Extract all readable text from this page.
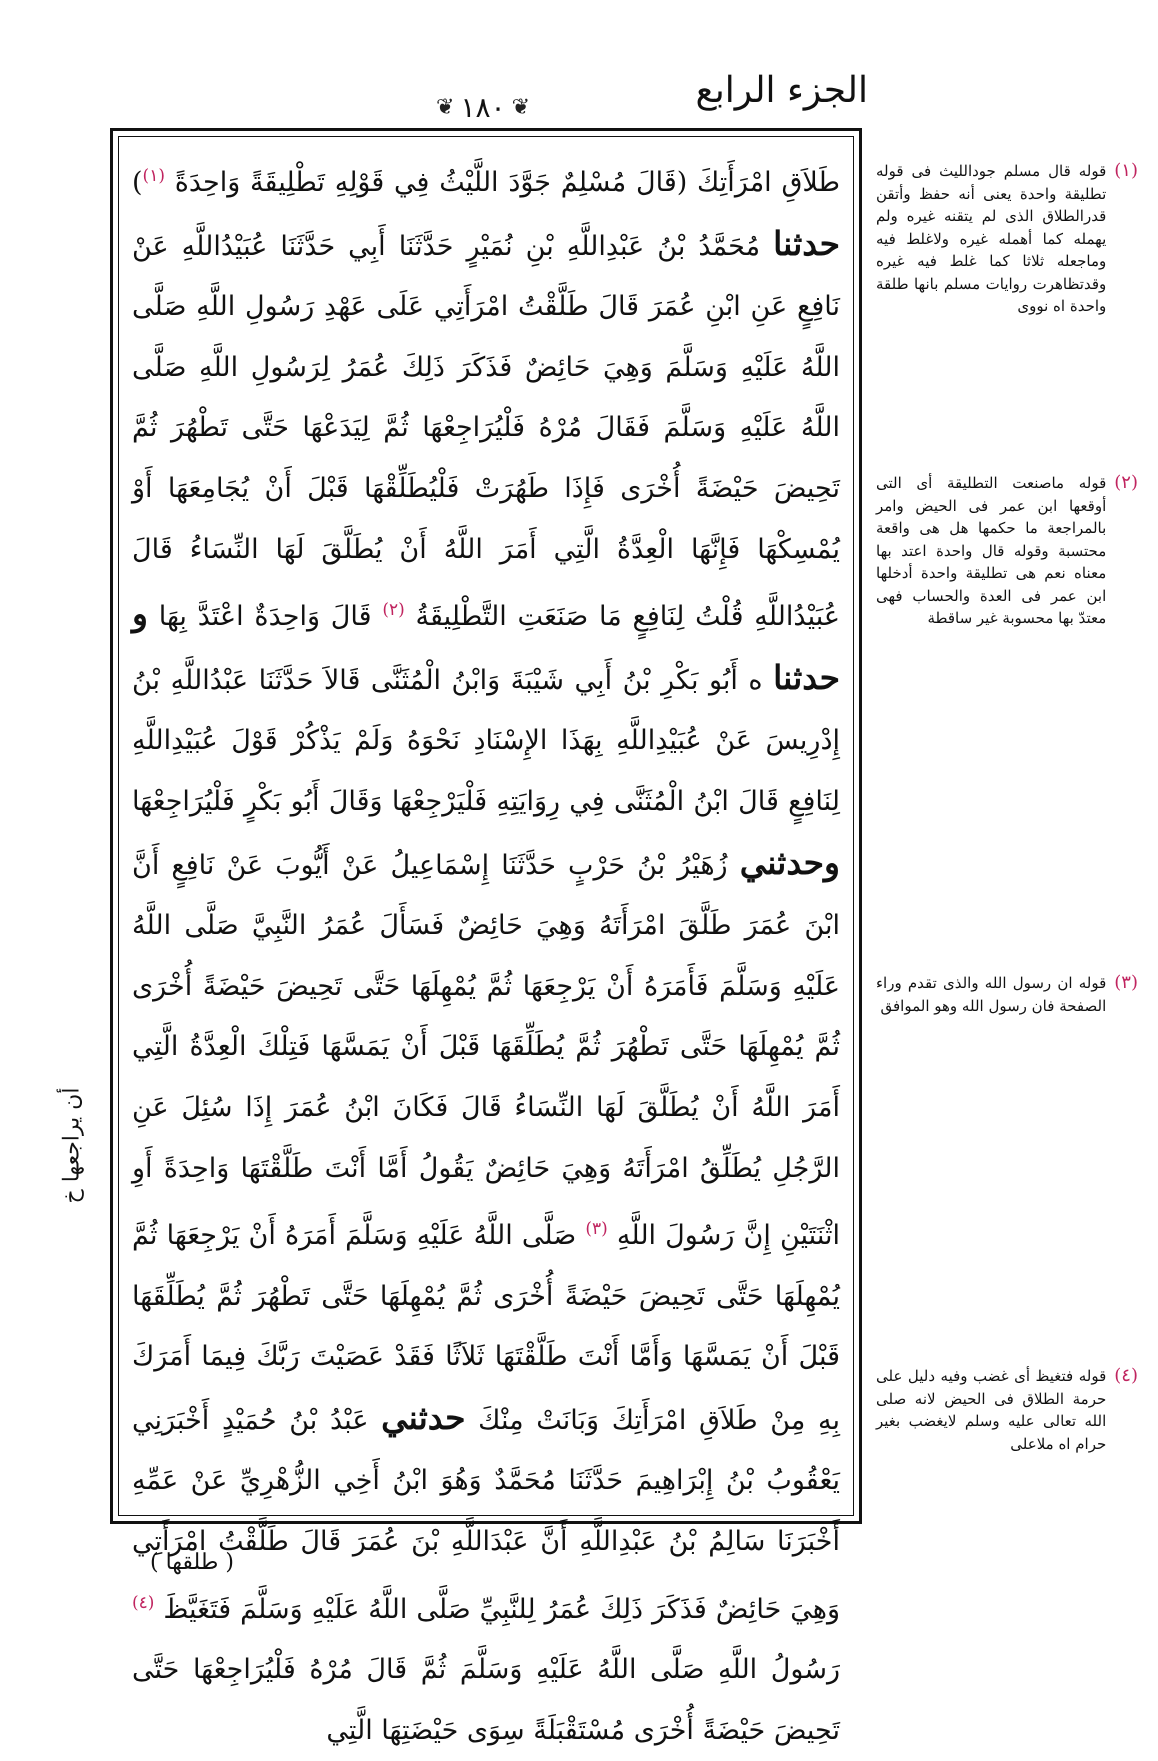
الجزء الرابع
❦ ١٨٠ ❦

طَلاَقِ امْرَأَتِكَ (قَالَ مُسْلِمٌ جَوَّدَ اللَّيْثُ فِي قَوْلِهِ تَطْلِيقَةً وَاحِدَةً $^{(١)}$) حدثنا مُحَمَّدُ بْنُ عَبْدِاللَّهِ بْنِ نُمَيْرٍ حَدَّثَنَا أَبِي حَدَّثَنَا عُبَيْدُاللَّهِ عَنْ نَافِعٍ عَنِ ابْنِ عُمَرَ قَالَ طَلَّقْتُ امْرَأَتِي عَلَى عَهْدِ رَسُولِ اللَّهِ صَلَّى اللَّهُ عَلَيْهِ وَسَلَّمَ وَهِيَ حَائِضٌ فَذَكَرَ ذَلِكَ عُمَرُ لِرَسُولِ اللَّهِ صَلَّى اللَّهُ عَلَيْهِ وَسَلَّمَ فَقَالَ مُرْهُ فَلْيُرَاجِعْهَا ثُمَّ لِيَدَعْهَا حَتَّى تَطْهُرَ ثُمَّ تَحِيضَ حَيْضَةً أُخْرَى فَإِذَا طَهُرَتْ فَلْيُطَلِّقْهَا قَبْلَ أَنْ يُجَامِعَهَا أَوْ يُمْسِكْهَا فَإِنَّهَا الْعِدَّةُ الَّتِي أَمَرَ اللَّهُ أَنْ يُطَلَّقَ لَهَا النِّسَاءُ قَالَ عُبَيْدُاللَّهِ قُلْتُ لِنَافِعٍ مَا صَنَعَتِ التَّطْلِيقَةُ $^{(٢)}$ قَالَ وَاحِدَةٌ اعْتَدَّ بِهَا و حدثنا ه أَبُو بَكْرِ بْنُ أَبِي شَيْبَةَ وَابْنُ الْمُثَنَّى قَالاَ حَدَّثَنَا عَبْدُاللَّهِ بْنُ إِدْرِيسَ عَنْ عُبَيْدِاللَّهِ بِهَذَا الإِسْنَادِ نَحْوَهُ وَلَمْ يَذْكُرْ قَوْلَ عُبَيْدِاللَّهِ لِنَافِعٍ قَالَ ابْنُ الْمُثَنَّى فِي رِوَايَتِهِ فَلْيَرْجِعْهَا وَقَالَ أَبُو بَكْرٍ فَلْيُرَاجِعْهَا وحدثني زُهَيْرُ بْنُ حَرْبٍ حَدَّثَنَا إِسْمَاعِيلُ عَنْ أَيُّوبَ عَنْ نَافِعٍ أَنَّ ابْنَ عُمَرَ طَلَّقَ امْرَأَتَهُ وَهِيَ حَائِضٌ فَسَأَلَ عُمَرُ النَّبِيَّ صَلَّى اللَّهُ عَلَيْهِ وَسَلَّمَ فَأَمَرَهُ أَنْ يَرْجِعَهَا ثُمَّ يُمْهِلَهَا حَتَّى تَحِيضَ حَيْضَةً أُخْرَى ثُمَّ يُمْهِلَهَا حَتَّى تَطْهُرَ ثُمَّ يُطَلِّقَهَا قَبْلَ أَنْ يَمَسَّهَا فَتِلْكَ الْعِدَّةُ الَّتِي أَمَرَ اللَّهُ أَنْ يُطَلَّقَ لَهَا النِّسَاءُ قَالَ فَكَانَ ابْنُ عُمَرَ إِذَا سُئِلَ عَنِ الرَّجُلِ يُطَلِّقُ امْرَأَتَهُ وَهِيَ حَائِضٌ يَقُولُ أَمَّا أَنْتَ طَلَّقْتَهَا وَاحِدَةً أَوِ اثْنَتَيْنِ إِنَّ رَسُولَ اللَّهِ $^{(٣)}$ صَلَّى اللَّهُ عَلَيْهِ وَسَلَّمَ أَمَرَهُ أَنْ يَرْجِعَهَا ثُمَّ يُمْهِلَهَا حَتَّى تَحِيضَ حَيْضَةً أُخْرَى ثُمَّ يُمْهِلَهَا حَتَّى تَطْهُرَ ثُمَّ يُطَلِّقَهَا قَبْلَ أَنْ يَمَسَّهَا وَأَمَّا أَنْتَ طَلَّقْتَهَا ثَلاَثًا فَقَدْ عَصَيْتَ رَبَّكَ فِيمَا أَمَرَكَ بِهِ مِنْ طَلاَقِ امْرَأَتِكَ وَبَانَتْ مِنْكَ حدثني عَبْدُ بْنُ حُمَيْدٍ أَخْبَرَنِي يَعْقُوبُ بْنُ إِبْرَاهِيمَ حَدَّثَنَا مُحَمَّدٌ وَهُوَ ابْنُ أَخِي الزُّهْرِيِّ عَنْ عَمِّهِ أَخْبَرَنَا سَالِمُ بْنُ عَبْدِاللَّهِ أَنَّ عَبْدَاللَّهِ بْنَ عُمَرَ قَالَ طَلَّقْتُ امْرَأَتِي وَهِيَ حَائِضٌ فَذَكَرَ ذَلِكَ عُمَرُ لِلنَّبِيِّ صَلَّى اللَّهُ عَلَيْهِ وَسَلَّمَ فَتَغَيَّظَ $^{(٤)}$ رَسُولُ اللَّهِ صَلَّى اللَّهُ عَلَيْهِ وَسَلَّمَ ثُمَّ قَالَ مُرْهُ فَلْيُرَاجِعْهَا حَتَّى تَحِيضَ حَيْضَةً أُخْرَى مُسْتَقْبَلَةً سِوَى حَيْضَتِهَا الَّتِي

(١)
قوله قال مسلم جودالليث فى قوله تطليقة واحدة يعنى أنه حفظ وأتقن قدرالطلاق الذى لم يتقنه غيره ولم يهمله كما أهمله غيره ولاغلط فيه وماجعله ثلاثا كما غلط فيه غيره وقدتظاهرت روايات مسلم بانها طلقة واحدة اه نووى
(٢)
قوله ماصنعت التطليقة أى التى أوقعها ابن عمر فى الحيض وامر بالمراجعة ما حكمها هل هى واقعة محتسبة وقوله قال واحدة اعتد بها معناه نعم هى تطليقة واحدة أدخلها ابن عمر فى العدة والحساب فهى معتدّ بها محسوبة غير ساقطة
(٣)
قوله ان رسول الله والذى تقدم وراء الصفحة فان رسول الله وهو الموافق
(٤)
قوله فتغيظ أى غضب وفيه دليل على حرمة الطلاق فى الحيض لانه صلى الله تعالى عليه وسلم لايغضب بغير حرام اه ملاعلى
أن يراجعها خ
( طلقها )
